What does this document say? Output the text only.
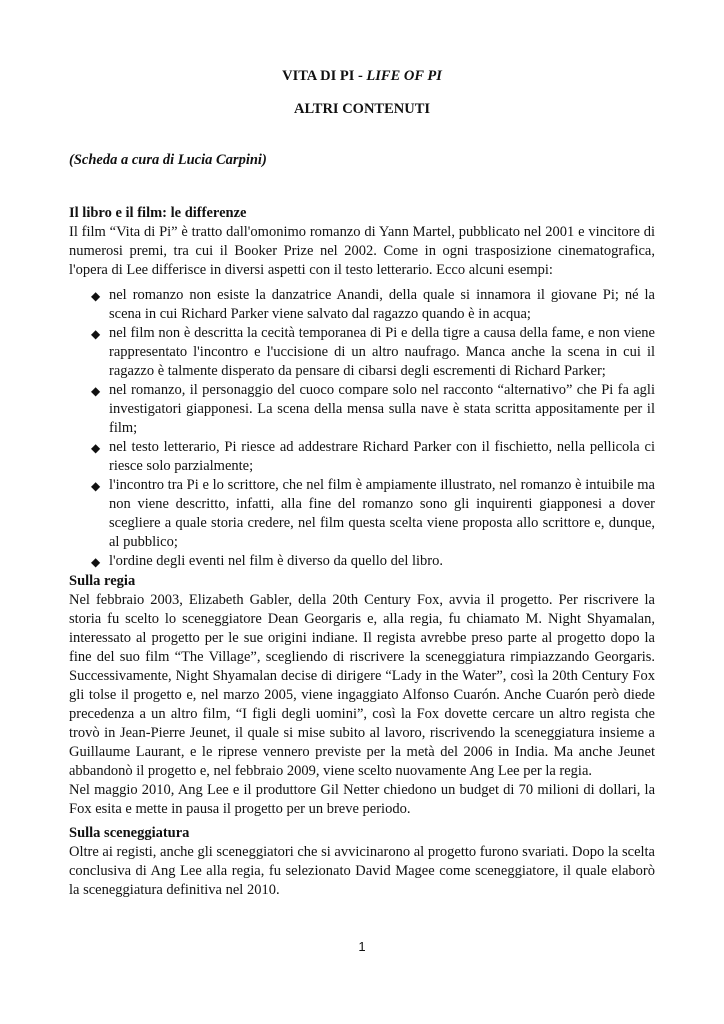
VITA DI PI - LIFE OF PI
ALTRI CONTENUTI
(Scheda a cura di Lucia Carpini)
Il libro e il film: le differenze

Il film “Vita di Pi” è tratto dall'omonimo romanzo di Yann Martel, pubblicato nel 2001 e vincitore di numerosi premi, tra cui il Booker Prize nel 2002. Come in ogni trasposizione cinematografica, l'opera di Lee differisce in diversi aspetti con il testo letterario. Ecco alcuni esempi:

◆ nel romanzo non esiste la danzatrice Anandi, della quale si innamora il giovane Pi; né la scena in cui Richard Parker viene salvato dal ragazzo quando è in acqua;
◆ nel film non è descritta la cecità temporanea di Pi e della tigre a causa della fame, e non viene rappresentato l'incontro e l'uccisione di un altro naufrago. Manca anche la scena in cui il ragazzo è talmente disperato da pensare di cibarsi degli escrementi di Richard Parker;
◆ nel romanzo, il personaggio del cuoco compare solo nel racconto “alternativo” che Pi fa agli investigatori giapponesi. La scena della mensa sulla nave è stata scritta appositamente per il film;
◆ nel testo letterario, Pi riesce ad addestrare Richard Parker con il fischietto, nella pellicola ci riesce solo parzialmente;
◆ l'incontro tra Pi e lo scrittore, che nel film è ampiamente illustrato, nel romanzo è intuibile ma non viene descritto, infatti, alla fine del romanzo sono gli inquirenti giapponesi a dover scegliere a quale storia credere, nel film questa scelta viene proposta allo scrittore e, dunque, al pubblico;
◆ l'ordine degli eventi nel film è diverso da quello del libro.
Sulla regia

Nel febbraio 2003, Elizabeth Gabler, della 20th Century Fox, avvia il progetto. Per riscrivere la storia fu scelto lo sceneggiatore Dean Georgaris e, alla regia, fu chiamato M. Night Shyamalan, interessato al progetto per le sue origini indiane. Il regista avrebbe preso parte al progetto dopo la fine del suo film “The Village”, scegliendo di riscrivere la sceneggiatura rimpiazzando Georgaris. Successivamente, Night Shyamalan decise di dirigere “Lady in the Water”, così la 20th Century Fox gli tolse il progetto e, nel marzo 2005, viene ingaggiato Alfonso Cuarón. Anche Cuarón però diede precedenza a un altro film, “I figli degli uomini”, così la Fox dovette cercare un altro regista che trovò in Jean-Pierre Jeunet, il quale si mise subito al lavoro, riscrivendo la sceneggiatura insieme a Guillaume Laurant, e le riprese vennero previste per la metà del 2006 in India. Ma anche Jeunet abbandonò il progetto e, nel febbraio 2009, viene scelto nuovamente Ang Lee per la regia.

Nel maggio 2010, Ang Lee e il produttore Gil Netter chiedono un budget di 70 milioni di dollari, la Fox esita e mette in pausa il progetto per un breve periodo.

Sulla sceneggiatura

Oltre ai registi, anche gli sceneggiatori che si avvicinarono al progetto furono svariati. Dopo la scelta conclusiva di Ang Lee alla regia, fu selezionato David Magee come sceneggiatore, il quale elaborò la sceneggiatura definitiva nel 2010.

1
